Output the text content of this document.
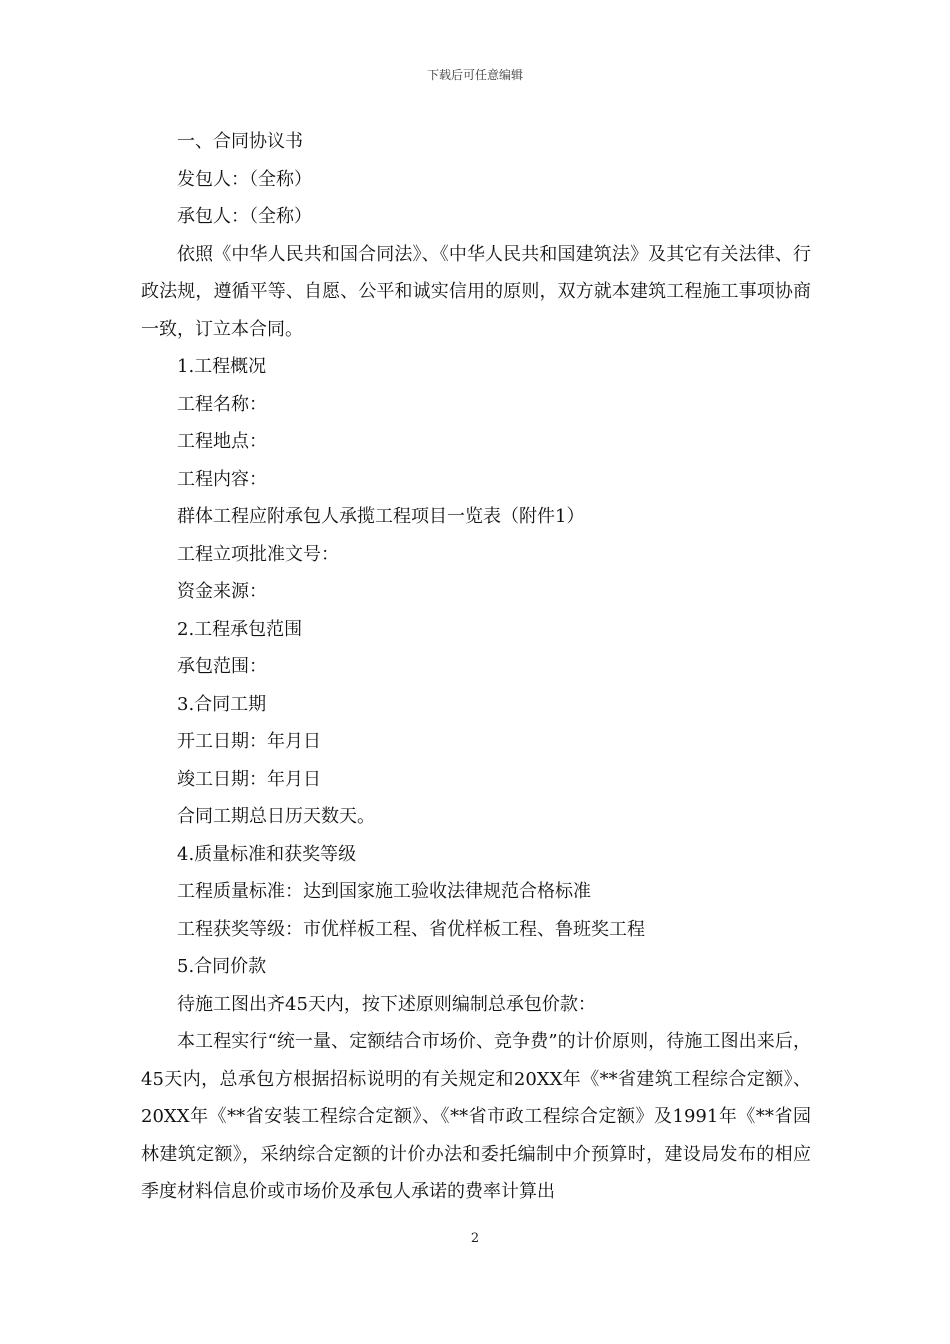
下载后可任意编辑

一、合同协议书

发包人：（全称）

承包人：（全称）

依照《中华人民共和国合同法》、《中华人民共和国建筑法》及其它有关法律、行政法规，遵循平等、自愿、公平和诚实信用的原则，双方就本建筑工程施工事项协商一致，订立本合同。

1.工程概况

工程名称：

工程地点：

工程内容：

群体工程应附承包人承揽工程项目一览表（附件1）

工程立项批准文号：

资金来源：

2.工程承包范围

承包范围：

3.合同工期

开工日期：年月日

竣工日期：年月日

合同工期总日历天数天。

4.质量标准和获奖等级

工程质量标准：达到国家施工验收法律规范合格标准

工程获奖等级：市优样板工程、省优样板工程、鲁班奖工程

5.合同价款

待施工图出齐45天内，按下述原则编制总承包价款：

本工程实行“统一量、定额结合市场价、竞争费”的计价原则，待施工图出来后，45天内，总承包方根据招标说明的有关规定和20XX年《**省建筑工程综合定额》、20XX年《**省安装工程综合定额》、《**省市政工程综合定额》及1991年《**省园林建筑定额》，采纳综合定额的计价办法和委托编制中介预算时，建设局发布的相应季度材料信息价或市场价及承包人承诺的费率计算出

2
